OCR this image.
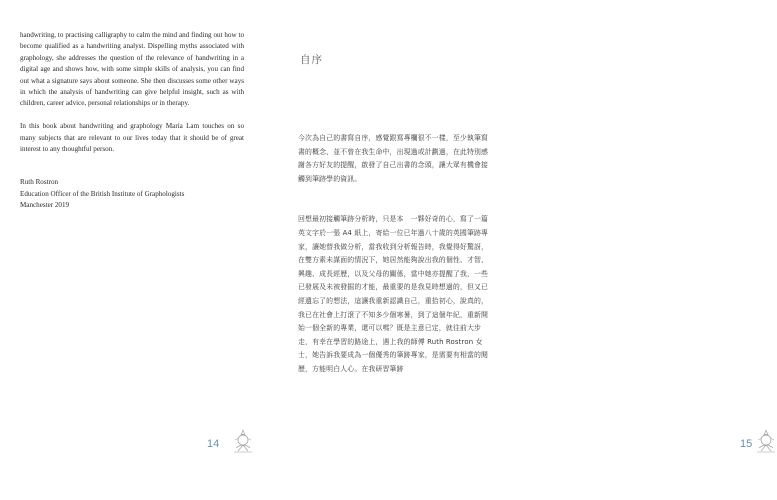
handwriting, to practising calligraphy to calm the mind and finding out how to become qualified as a handwriting analyst. Dispelling myths associated with graphology, she addresses the question of the relevance of handwriting in a digital age and shows how, with some simple skills of analysis, you can find out what a signature says about someone. She then discusses some other ways in which the analysis of handwriting can give helpful insight, such as with children, career advice, personal relationships or in therapy.

In this book about handwriting and graphology Maria Lam touches on so many subjects that are relevant to our lives today that it should be of great interest to any thoughtful person.

Ruth Rostron
Education Officer of the British Institute of Graphologists
Manchester 2019
14
自序

今次為自己的書寫自序，感覺跟寫專欄很不一樣，至少執筆寫書的概念，並不曾在我生命中，出現過或計劃過，在此特別感謝各方好友的提醒，啟發了自己出書的念頭，讓大眾有機會接觸到筆跡學的資訊。

回想最初接觸筆跡分析時，只是本　一夥好奇的心，寫了一篇英文字於一張 A4 紙上，寄給一位已年過八十歲的英國筆跡專家，讓她替我做分析，當我收到分析報告時，我覺得好驚訝，在雙方素未謀面的情況下，她居然能夠說出我的個性、才智、興趣、成長經歷，以及父母的關係，當中她亦提醒了我，一些已發展及未被發掘的才能，最重要的是我見時想過的，但又已經遺忘了的想法，這讓我重新認識自己，重拾初心，說真的，我已在社會上打滾了不知多少個寒暑，到了這個年紀，重新開始一個全新的專業，還可以嗎？既是主意已定，就往前大步走，有幸在學習的路途上，遇上我的師傅 Ruth Rostron 女士，她告訴我要成為一個優秀的筆跡專家，是需要有相當的閱歷，方能明白人心。在我研習筆跡

15
